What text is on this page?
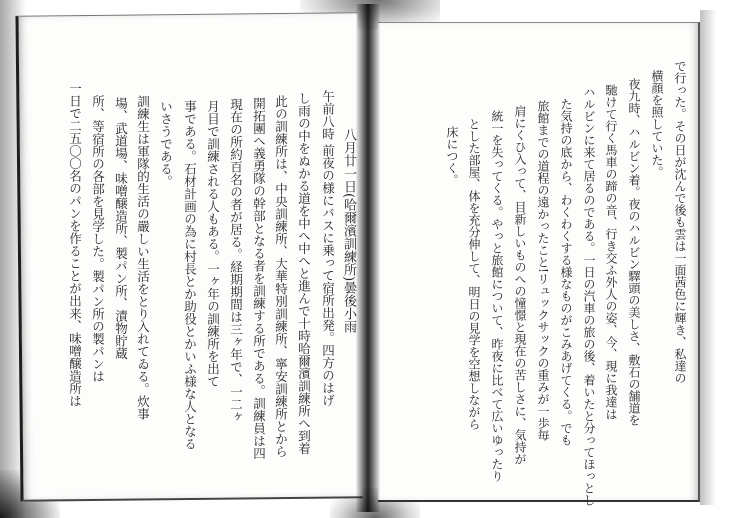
で行った。その日が沈んで後も雲は一面茜色に輝き、私達の
横顔を照していた。
夜九時、ハルビン着。夜のハルビン驛頭の美しさ、敷石の舗道を
馳けて行く馬車の蹄の音、行き交ふ外人の姿、今、現に我達は
ハルビンに来て居るのである。一日の汽車の旅の後、着いたと分ってほっとし
た気持の底から、わくわくする様なものがこみあげてくる。でも
旅館までの道程の遠かったこと!リュックサックの重みが一歩毎
肩にくひ入って、目新しいものへの憧憬と現在の苦しさに、気持が
統一を失ってくる。やっと旅館について、昨夜に比べて広いゆったり
とした部屋、体を充分伸して、明日の見学を空想しながら
床につく。
八月廿一日(哈爾濱訓練所)曇後小雨
午前八時 前夜の様にバスに乗って宿所出発。四方のはげ
し雨の中をぬかる道を中へ中へと進んで十時哈爾濱訓練所へ到着
此の訓練所は、中央訓練所、大華特別訓練所、寧安訓練所とから
開拓團へ義勇隊の幹部となる者を訓練する所である。訓練員は四
現在の所約百名の者が居る。経期期間は三ヶ年で、一二ヶ
月目で訓練される人もある。一ヶ年の訓練所を出て
事である。石材計画の為に村長とか助役とかいふ様な人となる
いさうである。
訓練生は軍隊的生活の嚴しい生活をとり入れてゐる。炊事
場、武道場、味噌醸造所、製パン所、漬物貯蔵
所、等宿所の各部を見学した。製パン所の製パンは
一日で二五〇〇名のパンを作ることが出来、味噌醸造所は
